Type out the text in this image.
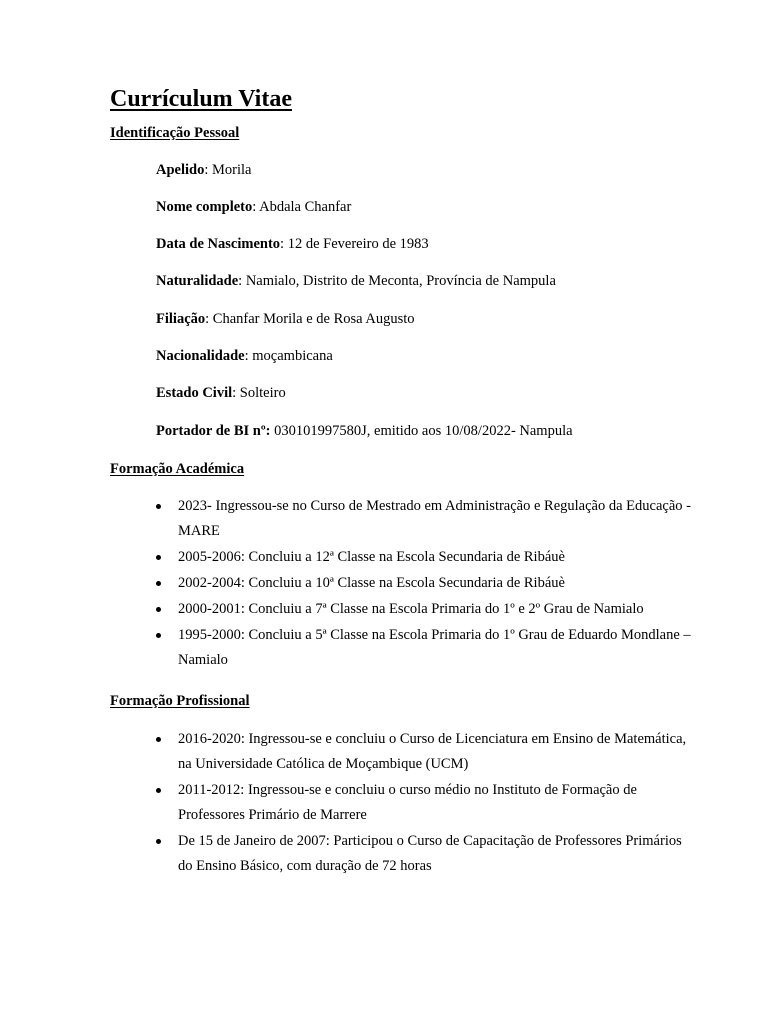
Currículum Vitae
Identificação Pessoal

Apelido: Morila

Nome completo: Abdala Chanfar

Data de Nascimento: 12 de Fevereiro de 1983

Naturalidade: Namialo, Distrito de Meconta, Província de Nampula

Filiação: Chanfar Morila e de Rosa Augusto

Nacionalidade: moçambicana

Estado Civil: Solteiro

Portador de BI nº: 030101997580J, emitido aos 10/08/2022- Nampula

Formação Académica
2023- Ingressou-se no Curso de Mestrado em Administração e Regulação da Educação - MARE
2005-2006: Concluiu a 12ª Classe na Escola Secundaria de Ribáuè
2002-2004: Concluiu a 10ª Classe na Escola Secundaria de Ribáuè
2000-2001: Concluiu a 7ª Classe na Escola Primaria do 1º e 2º Grau de Namialo
1995-2000: Concluiu a 5ª Classe na Escola Primaria do 1º Grau de Eduardo Mondlane – Namialo
Formação Profissional
2016-2020: Ingressou-se e concluiu o Curso de Licenciatura em Ensino de Matemática, na Universidade Católica de Moçambique (UCM)
2011-2012: Ingressou-se e concluiu o curso médio no Instituto de Formação de Professores Primário de Marrere
De 15 de Janeiro de 2007: Participou o Curso de Capacitação de Professores Primários do Ensino Básico, com duração de 72 horas
